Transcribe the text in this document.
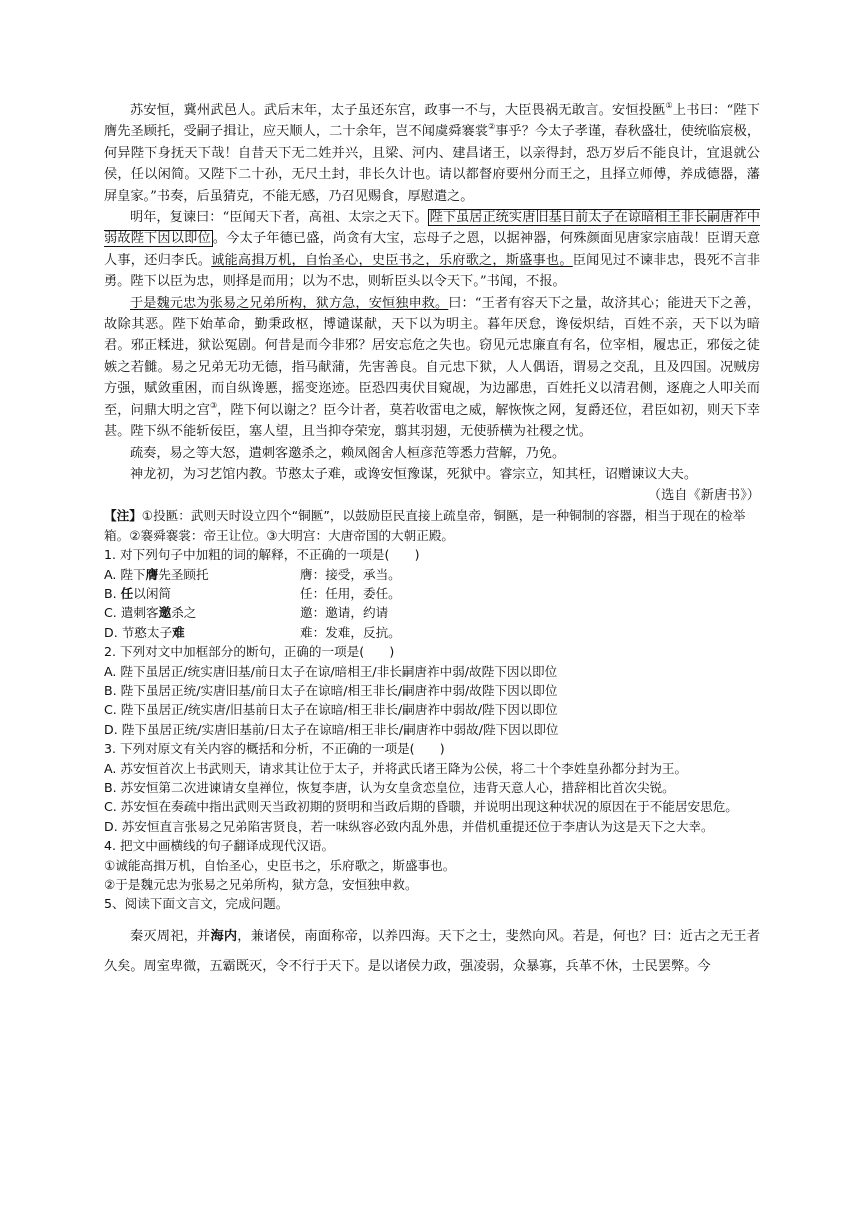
苏安恒，冀州武邑人。武后末年，太子虽还东宫，政事一不与，大臣畏祸无敢言。安恒投匦①上书曰：“陛下膺先圣顾托，受嗣子揖让，应天顺人，二十余年，岂不闻虞舜褰裳②事乎？今太子孝谨，春秋盛壮，使统临宸极，何异陛下身抚天下哉！自昔天下无二姓并兴，且梁、河内、建昌诸王，以亲得封，恐万岁后不能良计，宜退就公侯，任以闲简。又陛下二十孙，无尺土封，非长久计也。请以都督府要州分而王之，且择立师傅，养成德器，藩屏皇家。”书奏，后虽猜克，不能无感，乃召见赐食，厚慰遣之。

明年，复谏曰：“臣闻天下者，高祖、太宗之天下。 陛下虽居正统实唐旧基日前太子在谅暗相王非长嗣唐祚中弱故陛下因以即位 。今太子年德已盛，尚贪有大宝，忘母子之恩，以据神器，何殊颜面见唐家宗庙哉！臣谓天意人事，还归李氏。诚能高揖万机，自怡圣心，史臣书之，乐府歌之，斯盛事也。臣闻见过不谏非忠，畏死不言非勇。陛下以臣为忠，则择是而用；以为不忠，则斩臣头以令天下。”书闻，不报。

于是魏元忠为张易之兄弟所构，狱方急，安恒独申救。曰：“王者有容天下之量，故济其心；能进天下之善，故除其恶。陛下始革命，勤秉政枢，博谴谋献，天下以为明主。暮年厌怠，谗佞炽结，百姓不亲，天下以为暗君。邪正糅进，狱讼冤剧。何昔是而今非邪？居安忘危之失也。窃见元忠廉直有名，位宰相，履忠正，邪佞之徒嫉之若雠。易之兄弟无功无德，指马献蒲，先害善良。自元忠下狱，人人偶语，谓易之交乱，且及四国。况贼房方强，赋敛重困，而自纵谗慝，摇变迩迹。臣恐四夷伏目窥觇，为边鄙患，百姓托义以清君侧，逐鹿之人叩关而至，问鼎大明之宫③，陛下何以谢之？臣今计者，莫若收雷电之威，解恢恢之网，复爵还位，君臣如初，则天下幸甚。陛下纵不能斩佞臣，塞人望，且当抑夺荣宠，翦其羽翅，无使骄横为社稷之忧。

疏奏，易之等大怒，遣刺客邀杀之，赖凤阁舍人桓彦范等悉力营解，乃免。

神龙初，为习艺馆内教。节憨太子难，或谗安恒豫谋，死狱中。睿宗立，知其枉，诏赠谏议大夫。

（选自《新唐书》）

【注】①投匦：武则天时设立四个“铜匦”，以鼓励臣民直接上疏皇帝，铜匦，是一种铜制的容器，相当于现在的检举箱。②褰舜褰裳：帝王让位。③大明宫：大唐帝国的大朝正殿。

1. 对下列句子中加粗的词的解释，不正确的一项是(　　)

A. 陛下膺先圣顾托	膺：接受，承当。

B. 任以闲简	任：任用，委任。

C. 遣刺客邀杀之	邀：邀请，约请

D. 节憨太子难	难：发难，反抗。

2. 下列对文中加框部分的断句，正确的一项是(　　)

A. 陛下虽居正/统实唐旧基/前日太子在谅/暗相王/非长嗣唐祚中弱/故陛下因以即位

B. 陛下虽居正统/实唐旧基/前日太子在谅暗/相王非长/嗣唐祚中弱/故陛下因以即位

C. 陛下虽居正/统实唐/旧基前日太子在谅暗/相王非长/嗣唐祚中弱故/陛下因以即位

D. 陛下虽居正统/实唐旧基前/日太子在谅暗/相王非长/嗣唐祚中弱故/陛下因以即位

3. 下列对原文有关内容的概括和分析，不正确的一项是(　　)

A. 苏安恒首次上书武则天，请求其让位于太子，并将武氏诸王降为公侯，将二十个李姓皇孙都分封为王。

B. 苏安恒第二次进谏请女皇禅位，恢复李唐，认为女皇贪恋皇位，违背天意人心，措辞相比首次尖锐。

C. 苏安恒在奏疏中指出武则天当政初期的贤明和当政后期的昏聩，并说明出现这种状况的原因在于不能居安思危。

D. 苏安恒直言张易之兄弟陷害贤良，若一味纵容必致内乱外患，并借机重提还位于李唐认为这是天下之大幸。

4. 把文中画横线的句子翻译成现代汉语。

①诚能高揖万机，自怡圣心，史臣书之，乐府歌之，斯盛事也。

②于是魏元忠为张易之兄弟所构，狱方急，安恒独申救。

5、阅读下面文言文，完成问题。

秦灭周祀，并海内，兼诸侯，南面称帝，以养四海。天下之士，斐然向风。若是，何也？曰：近古之无王者久矣。周室卑微，五霸既灭，令不行于天下。是以诸侯力政，强凌弱，众暴寡，兵革不休，士民罢弊。今
